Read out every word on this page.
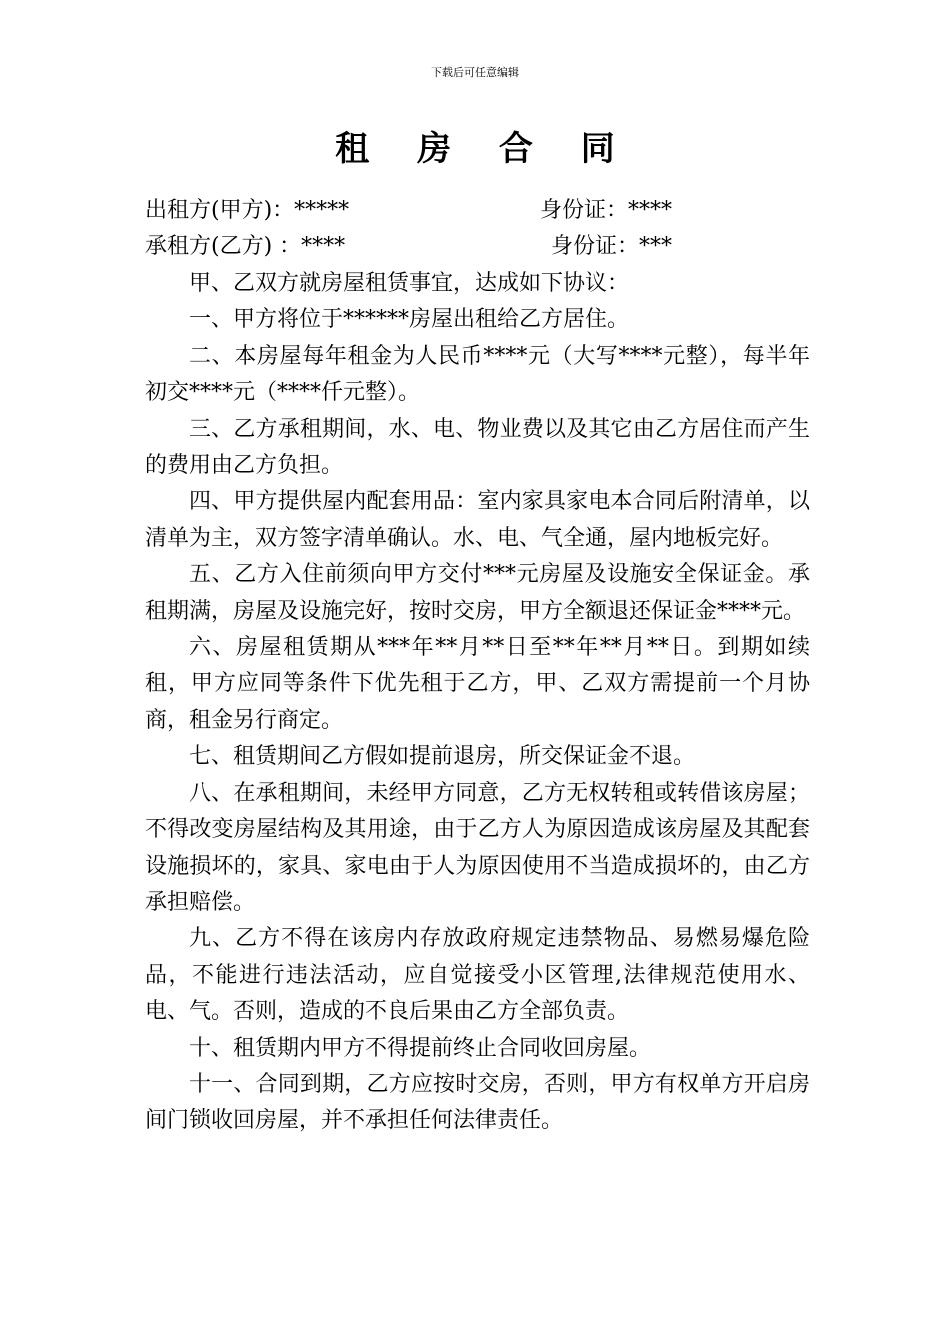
下载后可任意编辑
租 房 合 同
出租方(甲方)：*****	身份证：****
承租方(乙方) ：****	身份证：***

甲、乙双方就房屋租赁事宜，达成如下协议：

一、甲方将位于******房屋出租给乙方居住。

二、本房屋每年租金为人民币****元（大写****元整），每半年初交****元（****仟元整）。

三、乙方承租期间，水、电、物业费以及其它由乙方居住而产生的费用由乙方负担。

四、甲方提供屋内配套用品：室内家具家电本合同后附清单，以清单为主，双方签字清单确认。水、电、气全通，屋内地板完好。

五、乙方入住前须向甲方交付***元房屋及设施安全保证金。承租期满，房屋及设施完好，按时交房，甲方全额退还保证金****元。

六、房屋租赁期从***年**月**日至**年**月**日。到期如续租，甲方应同等条件下优先租于乙方，甲、乙双方需提前一个月协商，租金另行商定。

七、租赁期间乙方假如提前退房，所交保证金不退。

八、在承租期间，未经甲方同意，乙方无权转租或转借该房屋；不得改变房屋结构及其用途，由于乙方人为原因造成该房屋及其配套设施损坏的，家具、家电由于人为原因使用不当造成损坏的，由乙方承担赔偿。

九、乙方不得在该房内存放政府规定违禁物品、易燃易爆危险品，不能进行违法活动，应自觉接受小区管理,法律规范使用水、电、气。否则，造成的不良后果由乙方全部负责。

十、租赁期内甲方不得提前终止合同收回房屋。

十一、合同到期，乙方应按时交房，否则，甲方有权单方开启房间门锁收回房屋，并不承担任何法律责任。
